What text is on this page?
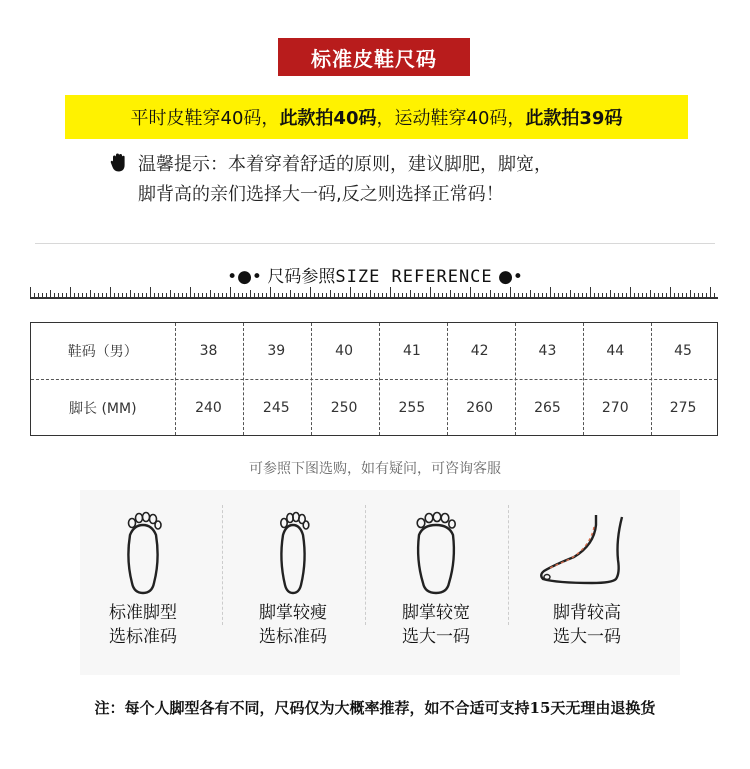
标准皮鞋尺码
平时皮鞋穿40码， 此款拍40码 ，运动鞋穿40码， 此款拍39码
温馨提示：本着穿着舒适的原则，建议脚肥，脚宽，
脚背高的亲们选择大一码,反之则选择正常码！
•●• 尺码参照SIZE REFERENCE ●•
鞋码（男）	38	39	40	41	42	43	44	45
脚长 (MM)	240	245	250	255	260	265	270	275
可参照下图选购，如有疑问，可咨询客服
标准脚型
选标准码
脚掌较瘦
选标准码
脚掌较宽
选大一码
脚背较高
选大一码
注：每个人脚型各有不同，尺码仅为大概率推荐，如不合适可支持15天无理由退换货
